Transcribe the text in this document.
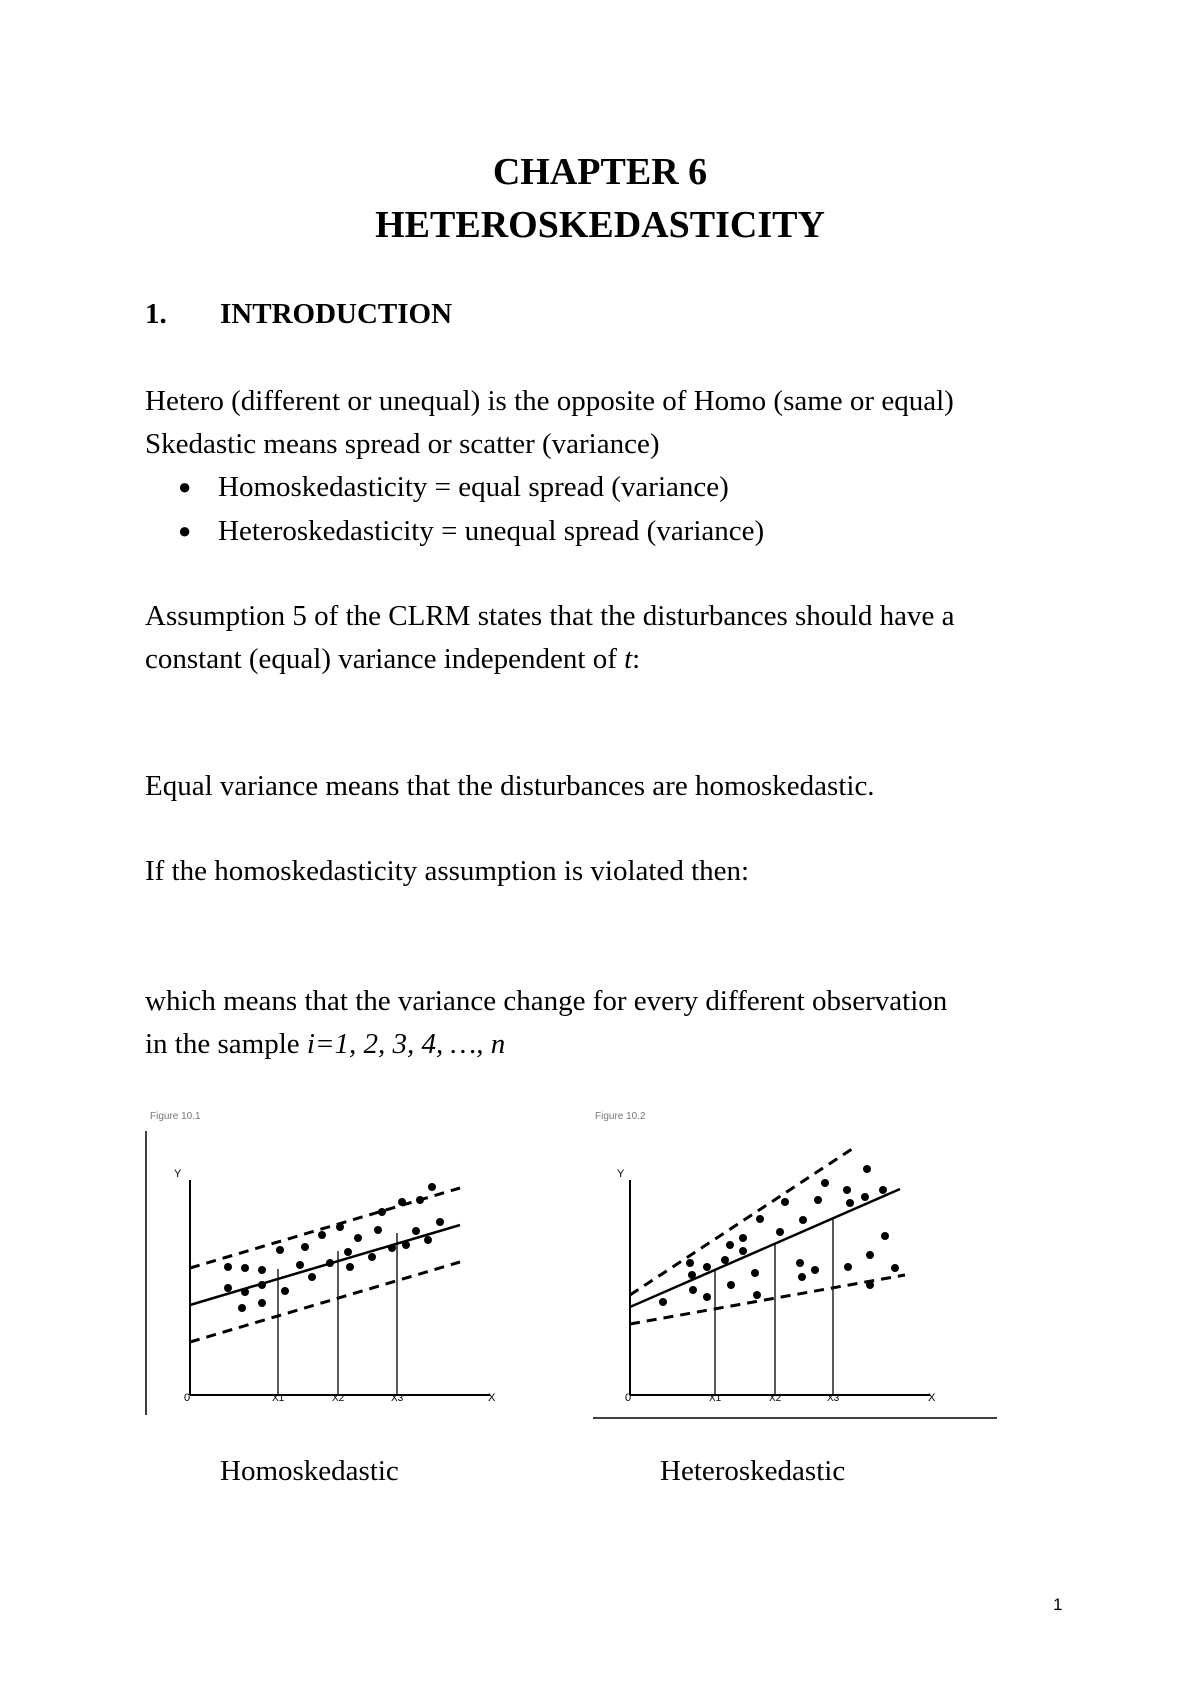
CHAPTER 6
HETEROSKEDASTICITY
1. INTRODUCTION
Hetero (different or unequal) is the opposite of Homo (same or equal)
Skedastic means spread or scatter (variance)
● Homoskedasticity = equal spread (variance)
● Heteroskedasticity = unequal spread (variance)
Assumption 5 of the CLRM states that the disturbances should have a
constant (equal) variance independent of t:
Equal variance means that the disturbances are homoskedastic.
If the homoskedasticity assumption is violated then:
which means that the variance change for every different observation
in the sample i=1, 2, 3, 4, …, n
Figure 10.1
Y
X
0	X1	X2	X3
Figure 10.2
Y
X
0	X1	X2	X3
Homoskedastic	Heteroskedastic
1
